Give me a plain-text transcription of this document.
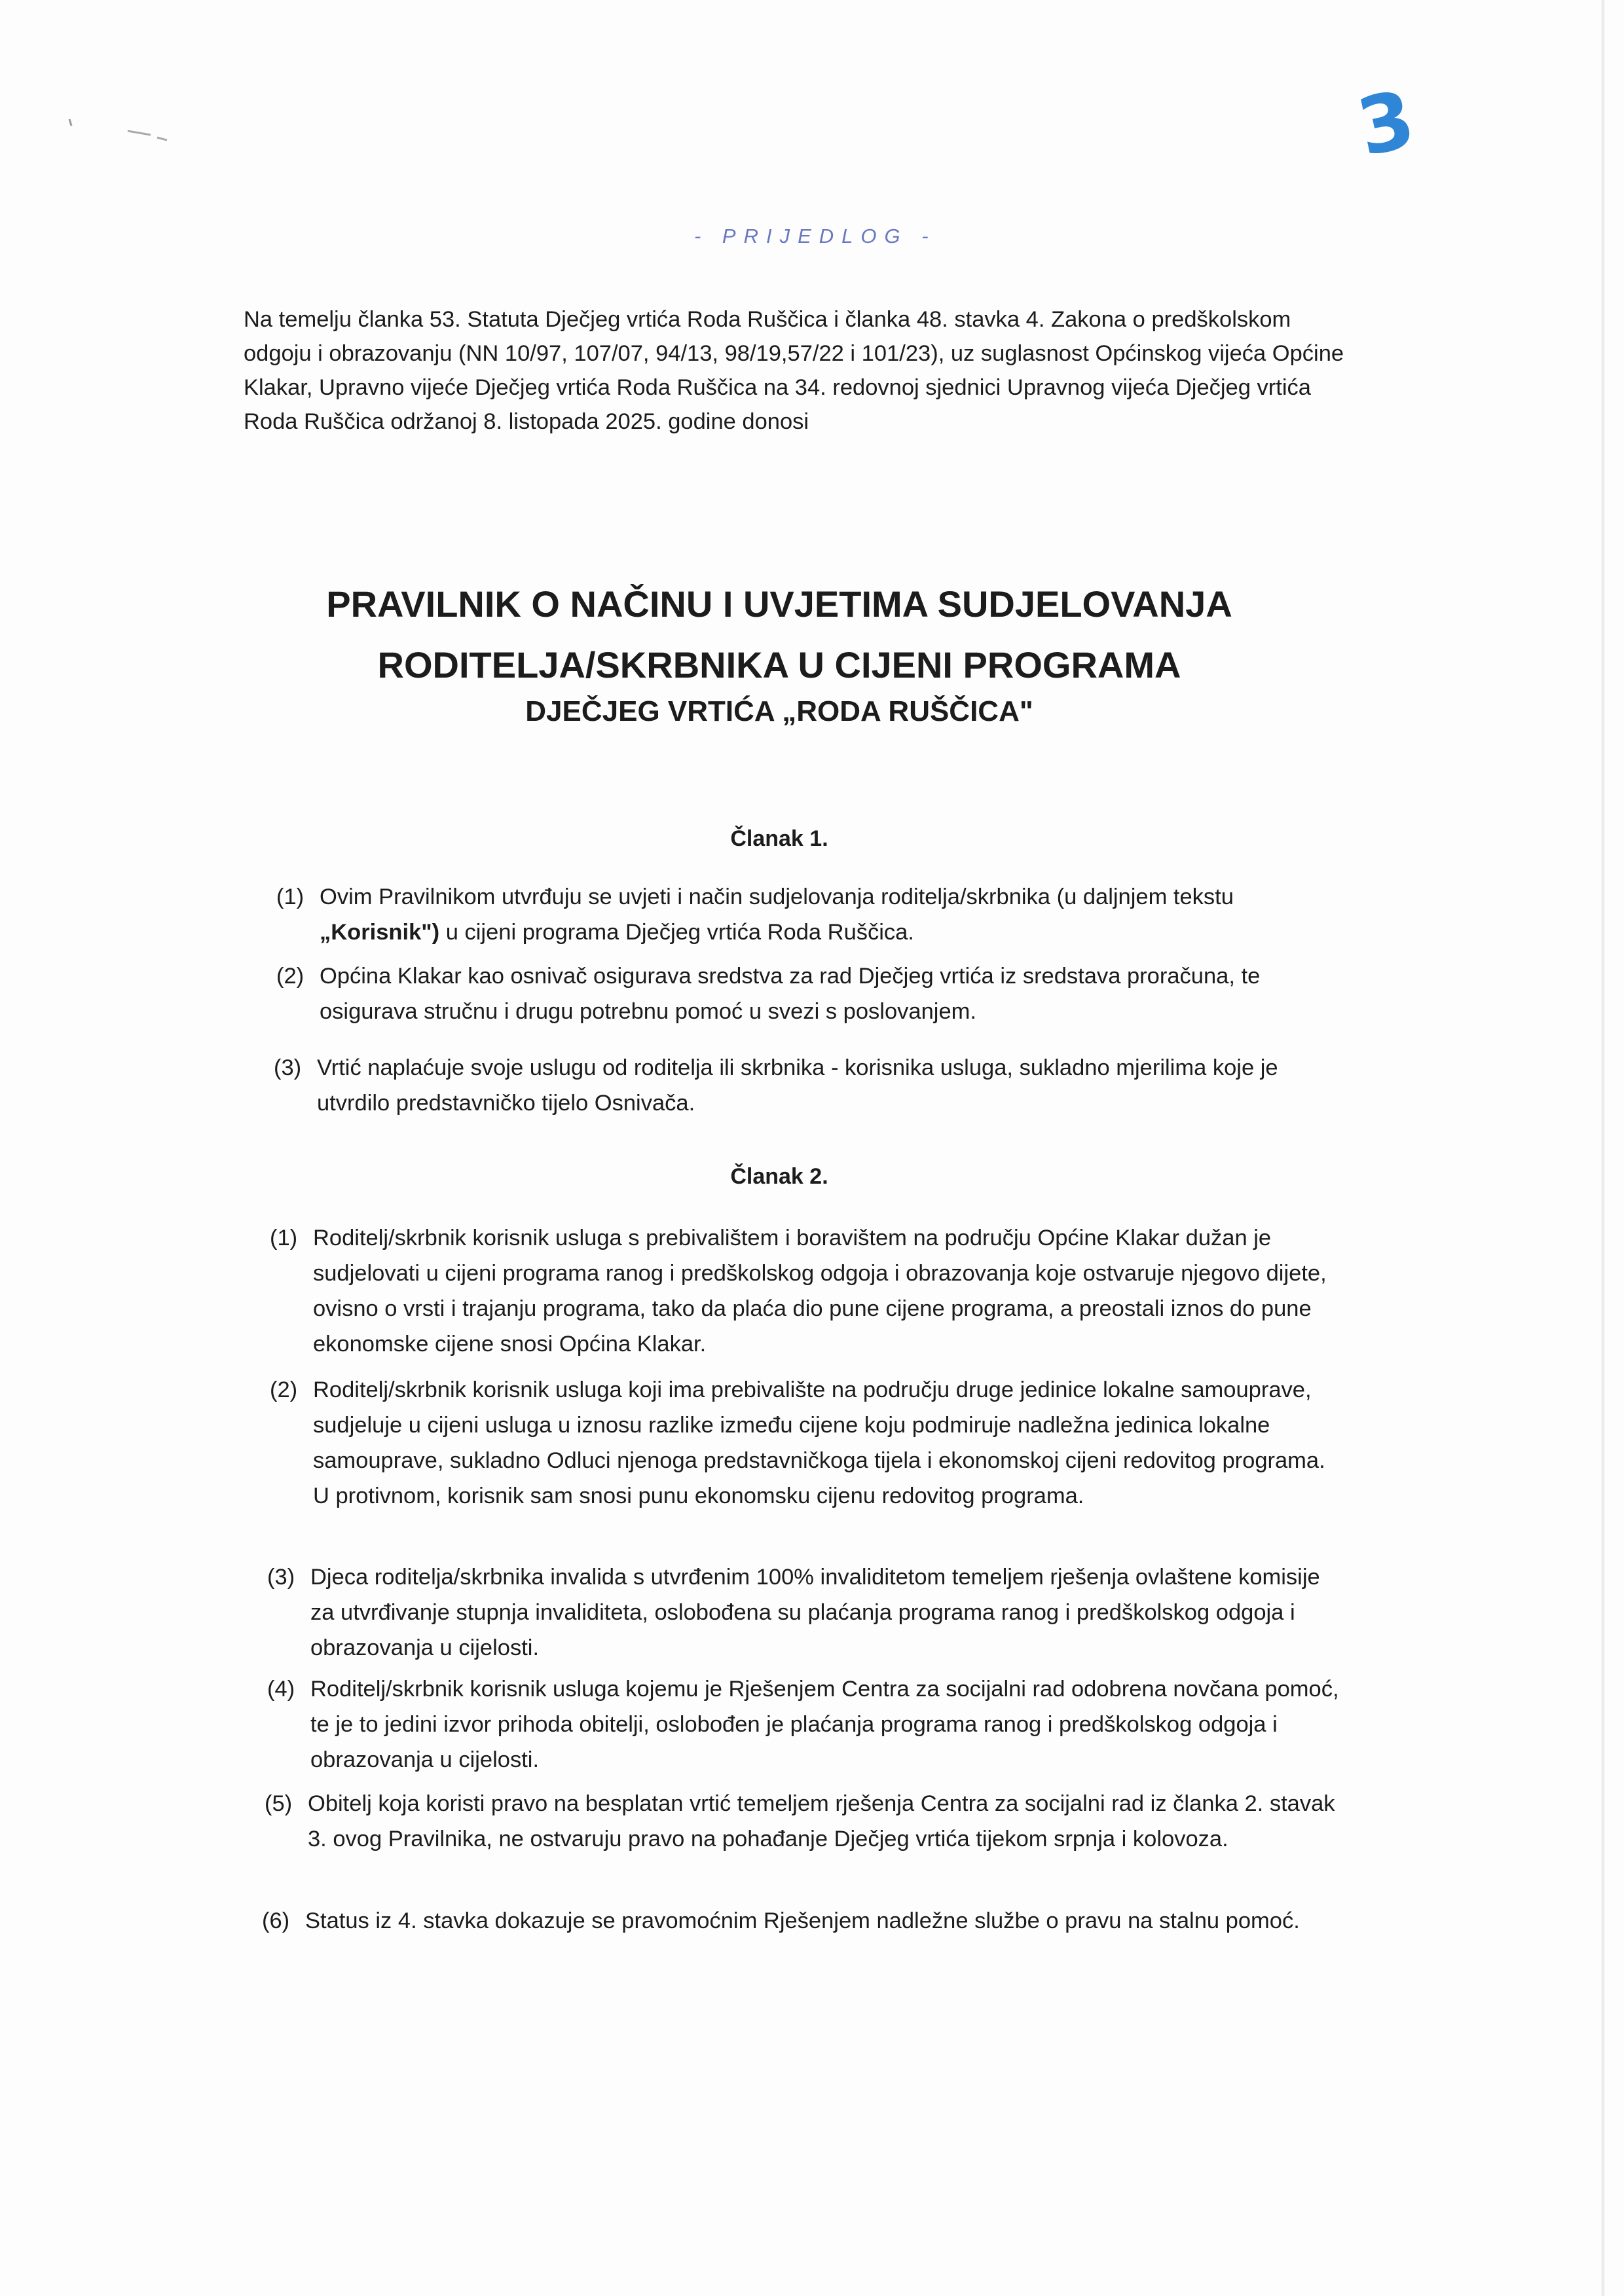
3
- PRIJEDLOG -

Na temelju članka 53. Statuta Dječjeg vrtića Roda Ruščica i članka 48. stavka 4. Zakona o predškolskom odgoju i obrazovanju (NN 10/97, 107/07, 94/13, 98/19,57/22 i 101/23), uz suglasnost Općinskog vijeća Općine Klakar, Upravno vijeće Dječjeg vrtića Roda Ruščica na 34. redovnoj sjednici Upravnog vijeća Dječjeg vrtića Roda Ruščica održanoj 8. listopada 2025. godine donosi

PRAVILNIK O NAČINU I UVJETIMA SUDJELOVANJA
RODITELJA/SKRBNIKA U CIJENI PROGRAMA
DJEČJEG VRTIĆA „RODA RUŠČICA"
Članak 1.

(1) Ovim Pravilnikom utvrđuju se uvjeti i način sudjelovanja roditelja/skrbnika (u daljnjem tekstu „Korisnik") u cijeni programa Dječjeg vrtića Roda Ruščica.

(2) Općina Klakar kao osnivač osigurava sredstva za rad Dječjeg vrtića iz sredstava proračuna, te osigurava stručnu i drugu potrebnu pomoć u svezi s poslovanjem.

(3) Vrtić naplaćuje svoje uslugu od roditelja ili skrbnika - korisnika usluga, sukladno mjerilima koje je utvrdilo predstavničko tijelo Osnivača.

Članak 2.

(1) Roditelj/skrbnik korisnik usluga s prebivalištem i boravištem na području Općine Klakar dužan je sudjelovati u cijeni programa ranog i predškolskog odgoja i obrazovanja koje ostvaruje njegovo dijete, ovisno o vrsti i trajanju programa, tako da plaća dio pune cijene programa, a preostali iznos do pune ekonomske cijene snosi Općina Klakar.

(2) Roditelj/skrbnik korisnik usluga koji ima prebivalište na području druge jedinice lokalne samouprave, sudjeluje u cijeni usluga u iznosu razlike između cijene koju podmiruje nadležna jedinica lokalne samouprave, sukladno Odluci njenoga predstavničkoga tijela i ekonomskoj cijeni redovitog programa. U protivnom, korisnik sam snosi punu ekonomsku cijenu redovitog programa.

(3) Djeca roditelja/skrbnika invalida s utvrđenim 100% invaliditetom temeljem rješenja ovlaštene komisije za utvrđivanje stupnja invaliditeta, oslobođena su plaćanja programa ranog i predškolskog odgoja i obrazovanja u cijelosti.

(4) Roditelj/skrbnik korisnik usluga kojemu je Rješenjem Centra za socijalni rad odobrena novčana pomoć, te je to jedini izvor prihoda obitelji, oslobođen je plaćanja programa ranog i predškolskog odgoja i obrazovanja u cijelosti.

(5) Obitelj koja koristi pravo na besplatan vrtić temeljem rješenja Centra za socijalni rad iz članka 2. stavak 3. ovog Pravilnika, ne ostvaruju pravo na pohađanje Dječjeg vrtića tijekom srpnja i kolovoza.

(6) Status iz 4. stavka dokazuje se pravomoćnim Rješenjem nadležne službe o pravu na stalnu pomoć.
